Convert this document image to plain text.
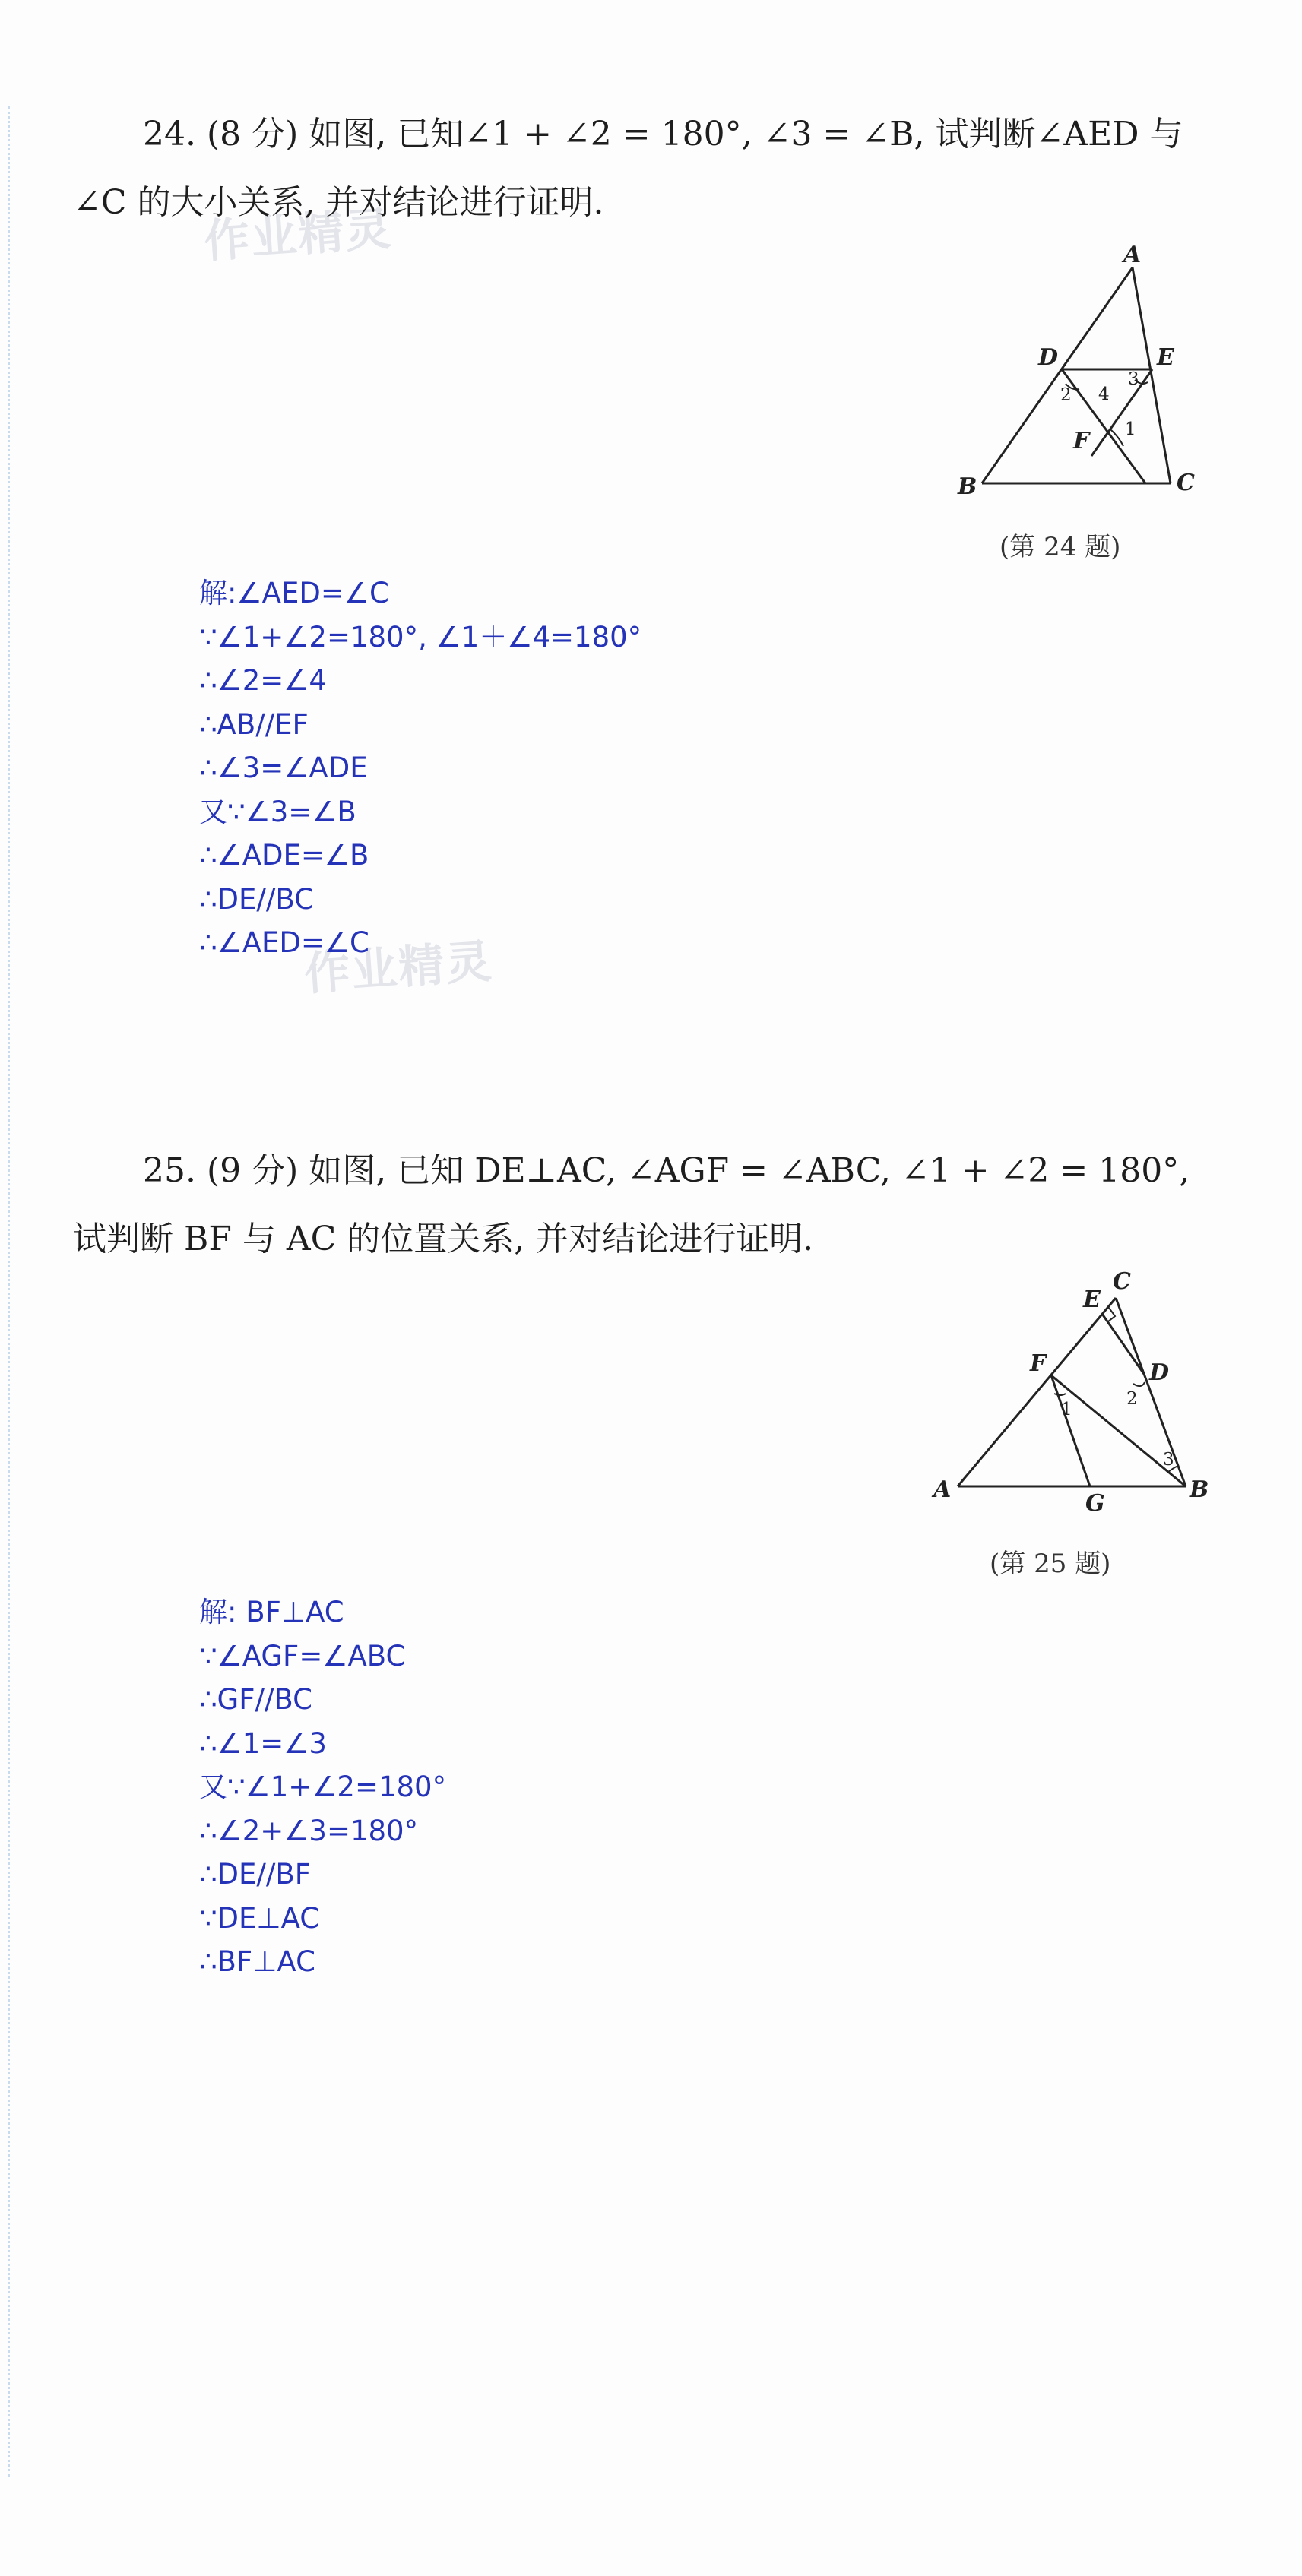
作业精灵
作业精灵
24. (8 分) 如图, 已知∠1 + ∠2 = 180°, ∠3 = ∠B, 试判断∠AED 与∠C 的大小关系, 并对结论进行证明.
A
D	E
F
B	C
1
2
3
4
(第 24 题)
解:∠AED=∠C
∵∠1+∠2=180°, ∠1＋∠4=180°
∴∠2=∠4
∴AB//EF
∴∠3=∠ADE
又∵∠3=∠B
∴∠ADE=∠B
∴DE//BC
∴∠AED=∠C
25. (9 分) 如图, 已知 DE⊥AC, ∠AGF = ∠ABC, ∠1 + ∠2 = 180°, 试判断 BF 与 AC 的位置关系, 并对结论进行证明.
C
E
F	D
A
G
B
1
2
3
(第 25 题)
解: BF⊥AC
∵∠AGF=∠ABC
∴GF//BC
∴∠1=∠3
又∵∠1+∠2=180°
∴∠2+∠3=180°
∴DE//BF
∵DE⊥AC
∴BF⊥AC
